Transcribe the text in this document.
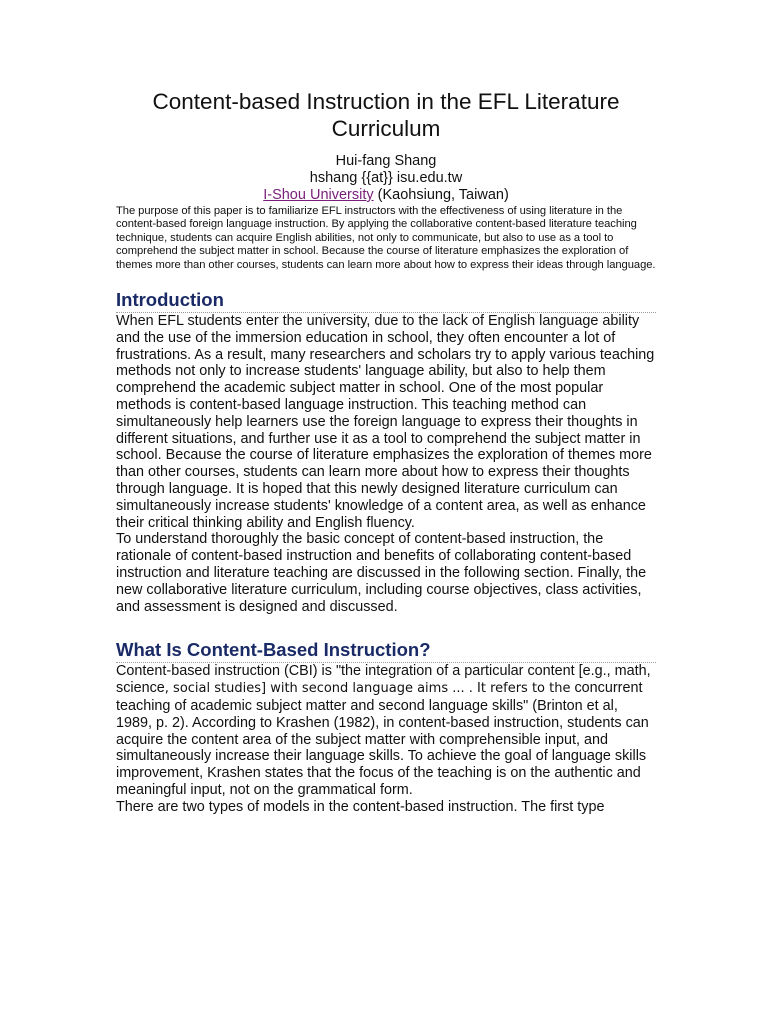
Content-based Instruction in the EFL Literature Curriculum

Hui-fang Shang

hshang {{at}} isu.edu.tw

I-Shou University (Kaohsiung, Taiwan)

The purpose of this paper is to familiarize EFL instructors with the effectiveness of using literature in the content-based foreign language instruction. By applying the collaborative content-based literature teaching technique, students can acquire English abilities, not only to communicate, but also to use as a tool to comprehend the subject matter in school. Because the course of literature emphasizes the exploration of themes more than other courses, students can learn more about how to express their ideas through language.

Introduction

When EFL students enter the university, due to the lack of English language ability and the use of the immersion education in school, they often encounter a lot of frustrations. As a result, many researchers and scholars try to apply various teaching methods not only to increase students' language ability, but also to help them comprehend the academic subject matter in school. One of the most popular methods is content-based language instruction. This teaching method can simultaneously help learners use the foreign language to express their thoughts in different situations, and further use it as a tool to comprehend the subject matter in school. Because the course of literature emphasizes the exploration of themes more than other courses, students can learn more about how to express their thoughts through language. It is hoped that this newly designed literature curriculum can simultaneously increase students' knowledge of a content area, as well as enhance their critical thinking ability and English fluency.

To understand thoroughly the basic concept of content-based instruction, the rationale of content-based instruction and benefits of collaborating content-based instruction and literature teaching are discussed in the following section. Finally, the new collaborative literature curriculum, including course objectives, class activities, and assessment is designed and discussed.

What Is Content-Based Instruction?

Content-based instruction (CBI) is "the integration of a particular content [e.g., math, science, social studies] with second language aims ... . It refers to the concurrent teaching of academic subject matter and second language skills" (Brinton et al, 1989, p. 2). According to Krashen (1982), in content-based instruction, students can acquire the content area of the subject matter with comprehensible input, and simultaneously increase their language skills. To achieve the goal of language skills improvement, Krashen states that the focus of the teaching is on the authentic and meaningful input, not on the grammatical form.

There are two types of models in the content-based instruction. The first type
